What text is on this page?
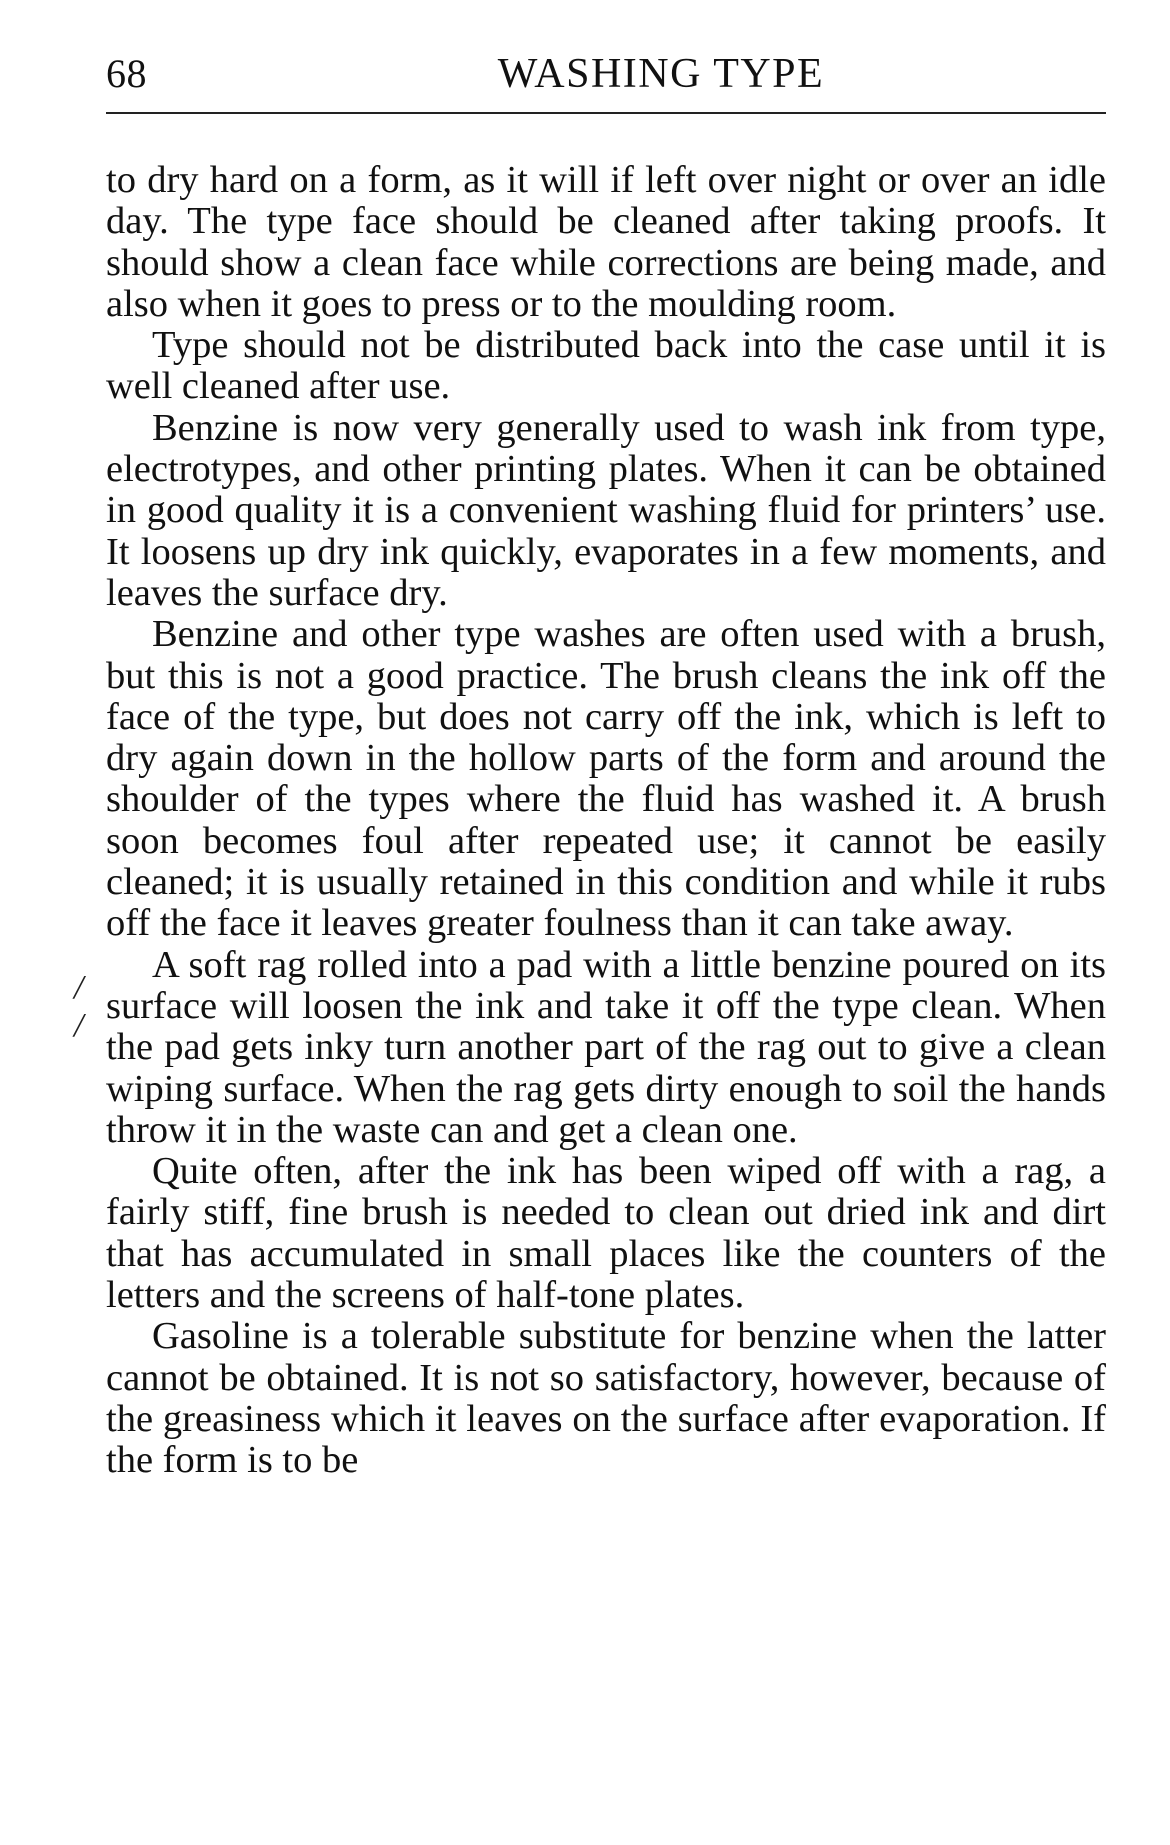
68	WASHING TYPE
/
/

to dry hard on a form, as it will if left over night or over an idle day. The type face should be cleaned after taking proofs. It should show a clean face while corrections are being made, and also when it goes to press or to the moulding room.

Type should not be distributed back into the case until it is well cleaned after use.

Benzine is now very generally used to wash ink from type, electrotypes, and other printing plates. When it can be obtained in good quality it is a convenient washing fluid for printers’ use. It loosens up dry ink quickly, evaporates in a few moments, and leaves the surface dry.

Benzine and other type washes are often used with a brush, but this is not a good practice. The brush cleans the ink off the face of the type, but does not carry off the ink, which is left to dry again down in the hollow parts of the form and around the shoulder of the types where the fluid has washed it. A brush soon becomes foul after repeated use; it cannot be easily cleaned; it is usually retained in this condition and while it rubs off the face it leaves greater foulness than it can take away.

A soft rag rolled into a pad with a little benzine poured on its surface will loosen the ink and take it off the type clean. When the pad gets inky turn another part of the rag out to give a clean wiping surface. When the rag gets dirty enough to soil the hands throw it in the waste can and get a clean one.

Quite often, after the ink has been wiped off with a rag, a fairly stiff, fine brush is needed to clean out dried ink and dirt that has accumulated in small places like the counters of the letters and the screens of half-tone plates.

Gasoline is a tolerable substitute for benzine when the latter cannot be obtained. It is not so satisfactory, however, because of the greasiness which it leaves on the surface after evaporation. If the form is to be
